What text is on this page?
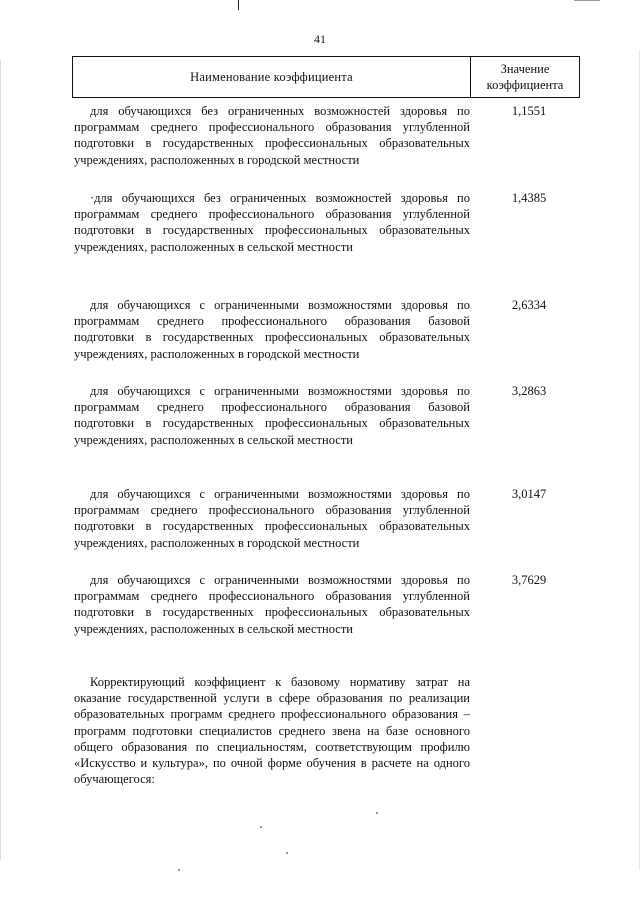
41
Наименование коэффициента
Значение
коэффициента
для обучающихся без ограниченных возможностей здоровья по программам среднего профессионального образования углубленной подготовки в государственных профессиональных образовательных учреждениях, расположенных в городской местности
1,1551
·для обучающихся без ограниченных возможностей здоровья по программам среднего профессионального образования углубленной подготовки в государственных профессиональных образовательных учреждениях, расположенных в сельской местности
1,4385
для обучающихся с ограниченными возможностями здоровья по программам среднего профессионального образования базовой подготовки в государственных профессиональных образовательных учреждениях, расположенных в городской местности
2,6334
для обучающихся с ограниченными возможностями здоровья по программам среднего профессионального образования базовой подготовки в государственных профессиональных образовательных учреждениях, расположенных в сельской местности
3,2863
для обучающихся с ограниченными возможностями здоровья по программам среднего профессионального образования углубленной подготовки в государственных профессиональных образовательных учреждениях, расположенных в городской местности
3,0147
для обучающихся с ограниченными возможностями здоровья по программам среднего профессионального образования углубленной подготовки в государственных профессиональных образовательных учреждениях, расположенных в сельской местности
3,7629
Корректирующий коэффициент к базовому нормативу затрат на оказание государственной услуги в сфере образования по реализации образовательных программ среднего профессионального образования – программ подготовки специалистов среднего звена на базе основного общего образования по специальностям, соответствующим профилю «Искусство и культура», по очной форме обучения в расчете на одного обучающегося:
